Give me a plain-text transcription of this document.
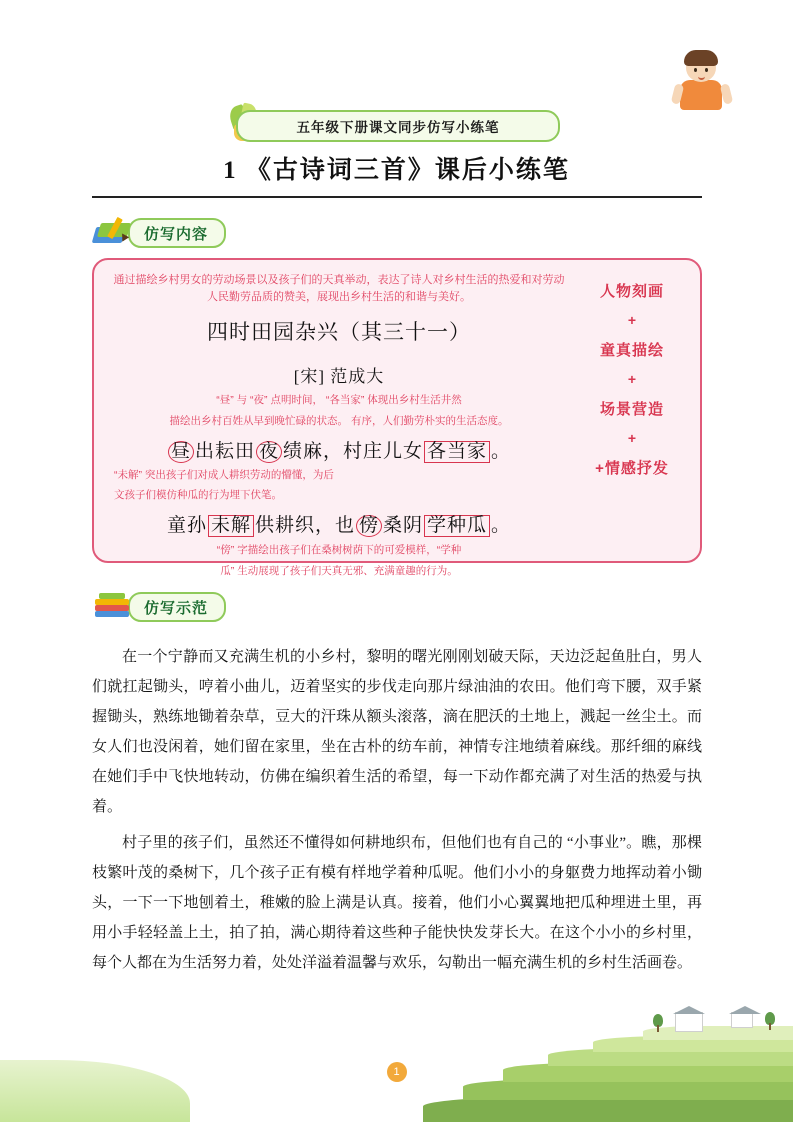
五年级下册课文同步仿写小练笔
1 《古诗词三首》课后小练笔
仿写内容
通过描绘乡村男女的劳动场景以及孩子们的天真举动，表达了诗人对乡村生活的热爱和对劳动人民勤劳品质的赞美，展现出乡村生活的和谐与美好。
四时田园杂兴（其三十一）
[宋] 范成大
“昼” 与 “夜” 点明时间， “各当家” 体现出乡村生活井然
描绘出乡村百姓从早到晚忙碌的状态。 有序，人们勤劳朴实的生活态度。
昼 出耘田 夜 绩麻，村庄儿女 各当家 。
“未解” 突出孩子们对成人耕织劳动的懵懂，为后
文孩子们模仿种瓜的行为埋下伏笔。
童孙 未解 供耕织，也 傍 桑阴 学种瓜 。
“傍” 字描绘出孩子们在桑树树荫下的可爱模样，“学种
瓜” 生动展现了孩子们天真无邪、充满童趣的行为。

人物刻画

+

童真描绘

+

场景营造

+

+情感抒发

仿写示范

在一个宁静而又充满生机的小乡村，黎明的曙光刚刚划破天际，天边泛起鱼肚白，男人们就扛起锄头，哼着小曲儿，迈着坚实的步伐走向那片绿油油的农田。他们弯下腰，双手紧握锄头，熟练地锄着杂草，豆大的汗珠从额头滚落，滴在肥沃的土地上，溅起一丝尘土。而女人们也没闲着，她们留在家里，坐在古朴的纺车前，神情专注地绩着麻线。那纤细的麻线在她们手中飞快地转动，仿佛在编织着生活的希望，每一下动作都充满了对生活的热爱与执着。

村子里的孩子们，虽然还不懂得如何耕地织布，但他们也有自己的 “小事业”。瞧，那棵枝繁叶茂的桑树下，几个孩子正有模有样地学着种瓜呢。他们小小的身躯费力地挥动着小锄头，一下一下地刨着土，稚嫩的脸上满是认真。接着，他们小心翼翼地把瓜种埋进土里，再用小手轻轻盖上土，拍了拍，满心期待着这些种子能快快发芽长大。在这个小小的乡村里，每个人都在为生活努力着，处处洋溢着温馨与欢乐，勾勒出一幅充满生机的乡村生活画卷。

1
